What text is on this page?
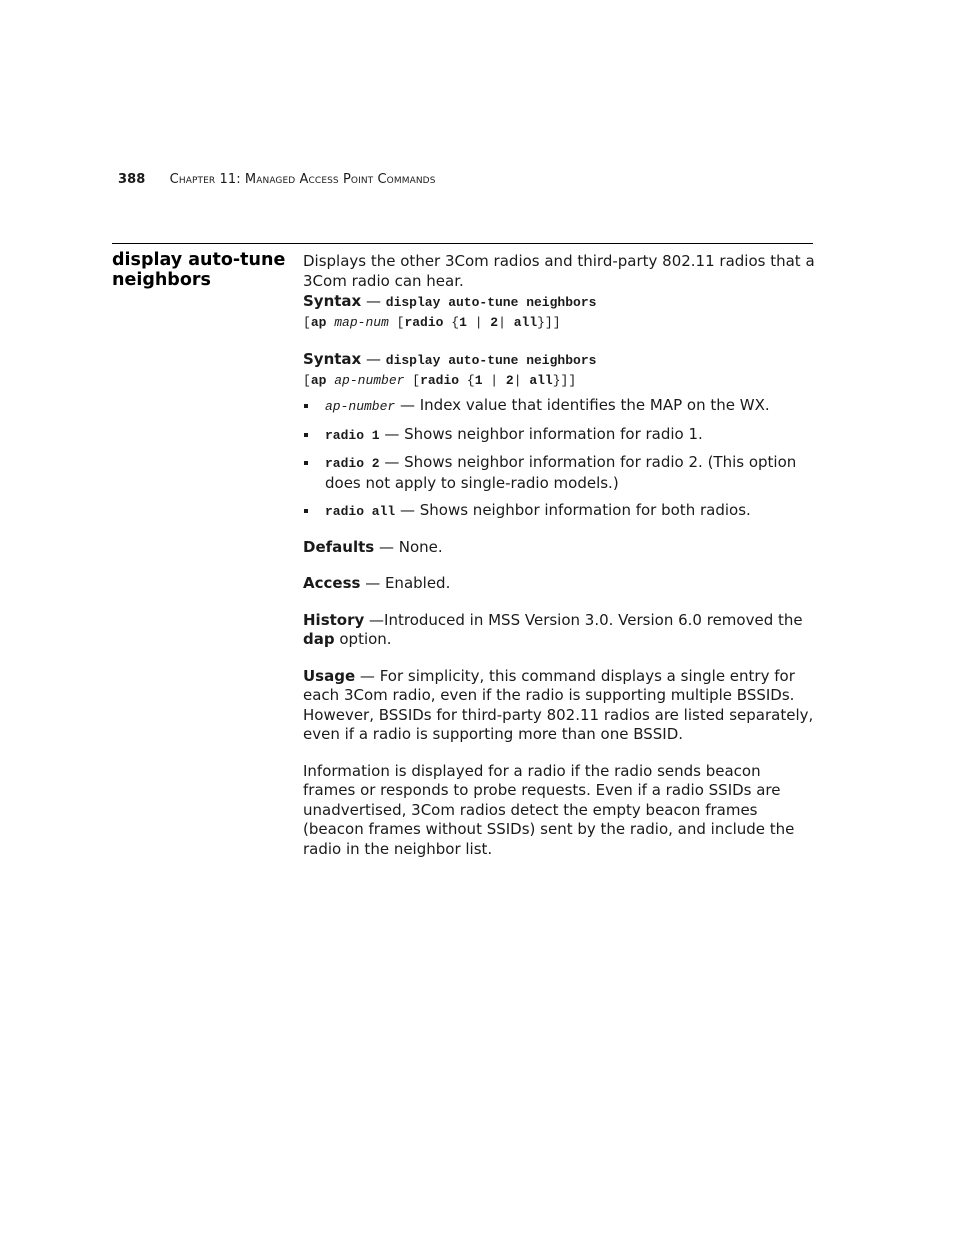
388 Chapter 11: Managed Access Point Commands
display auto-tune neighbors

Displays the other 3Com radios and third-party 802.11 radios that a 3Com radio can hear.

Syntax — display auto-tune neighbors
[ap map-num [radio {1 | 2| all}]]
Syntax — display auto-tune neighbors
[ap ap-number [radio {1 | 2| all}]]
ap-number — Index value that identifies the MAP on the WX.
radio 1 — Shows neighbor information for radio 1.
radio 2 — Shows neighbor information for radio 2. (This option does not apply to single-radio models.)
radio all — Shows neighbor information for both radios.

Defaults — None.

Access — Enabled.

History —Introduced in MSS Version 3.0. Version 6.0 removed the dap option.

Usage — For simplicity, this command displays a single entry for each 3Com radio, even if the radio is supporting multiple BSSIDs. However, BSSIDs for third-party 802.11 radios are listed separately, even if a radio is supporting more than one BSSID.

Information is displayed for a radio if the radio sends beacon frames or responds to probe requests. Even if a radio SSIDs are unadvertised, 3Com radios detect the empty beacon frames (beacon frames without SSIDs) sent by the radio, and include the radio in the neighbor list.
